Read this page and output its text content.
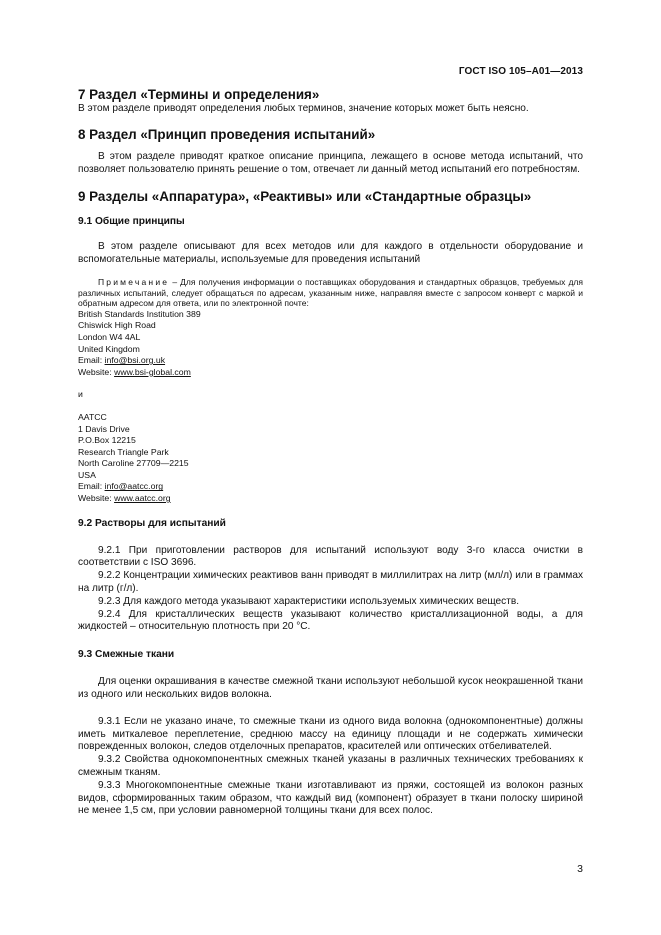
ГОСТ ISO 105–A01—2013
7 Раздел «Термины и определения»

В этом разделе приводят определения любых терминов, значение которых может быть неясно.

8 Раздел «Принцип проведения испытаний»

В этом разделе приводят краткое описание принципа, лежащего в основе метода испытаний, что позволяет пользователю принять решение о том, отвечает ли данный метод испытаний его потребностям.

9 Разделы «Аппаратура», «Реактивы» или «Стандартные образцы»
9.1 Общие принципы

В этом разделе описывают для всех методов или для каждого в отдельности оборудование и вспомогательные материалы, используемые для проведения испытаний

Примечание – Для получения информации о поставщиках оборудования и стандартных образцов, требуемых для различных испытаний, следует обращаться по адресам, указанным ниже, направляя вместе с запросом конверт с маркой и обратным адресом для ответа, или по электронной почте:

British Standards Institution 389
Chiswick High Road
London W4 4AL
United Kingdom
Email: info@bsi.org.uk
Website: www.bsi-global.com
и
AATCC
1 Davis Drive
P.O.Box 12215
Research Triangle Park
North Caroline 27709—2215
USA
Email: info@aatcc.org
Website: www.aatcc.org
9.2 Растворы для испытаний

9.2.1 При приготовлении растворов для испытаний используют воду 3-го класса очистки в соответствии с ISO 3696.

9.2.2 Концентрации химических реактивов ванн приводят в миллилитрах на литр (мл/л) или в граммах на литр (г/л).

9.2.3 Для каждого метода указывают характеристики используемых химических веществ.

9.2.4 Для кристаллических веществ указывают количество кристаллизационной воды, а для жидкостей – относительную плотность при 20 °С.

9.3 Смежные ткани

Для оценки окрашивания в качестве смежной ткани используют небольшой кусок неокрашенной ткани из одного или нескольких видов волокна.

9.3.1 Если не указано иначе, то смежные ткани из одного вида волокна (однокомпонентные) должны иметь миткалевое переплетение, среднюю массу на единицу площади и не содержать химически поврежденных волокон, следов отделочных препаратов, красителей или оптических отбеливателей.

9.3.2 Свойства однокомпонентных смежных тканей указаны в различных технических требованиях к смежным тканям.

9.3.3 Многокомпонентные смежные ткани изготавливают из пряжи, состоящей из волокон разных видов, сформированных таким образом, что каждый вид (компонент) образует в ткани полоску шириной не менее 1,5 см, при условии равномерной толщины ткани для всех полос.

3
